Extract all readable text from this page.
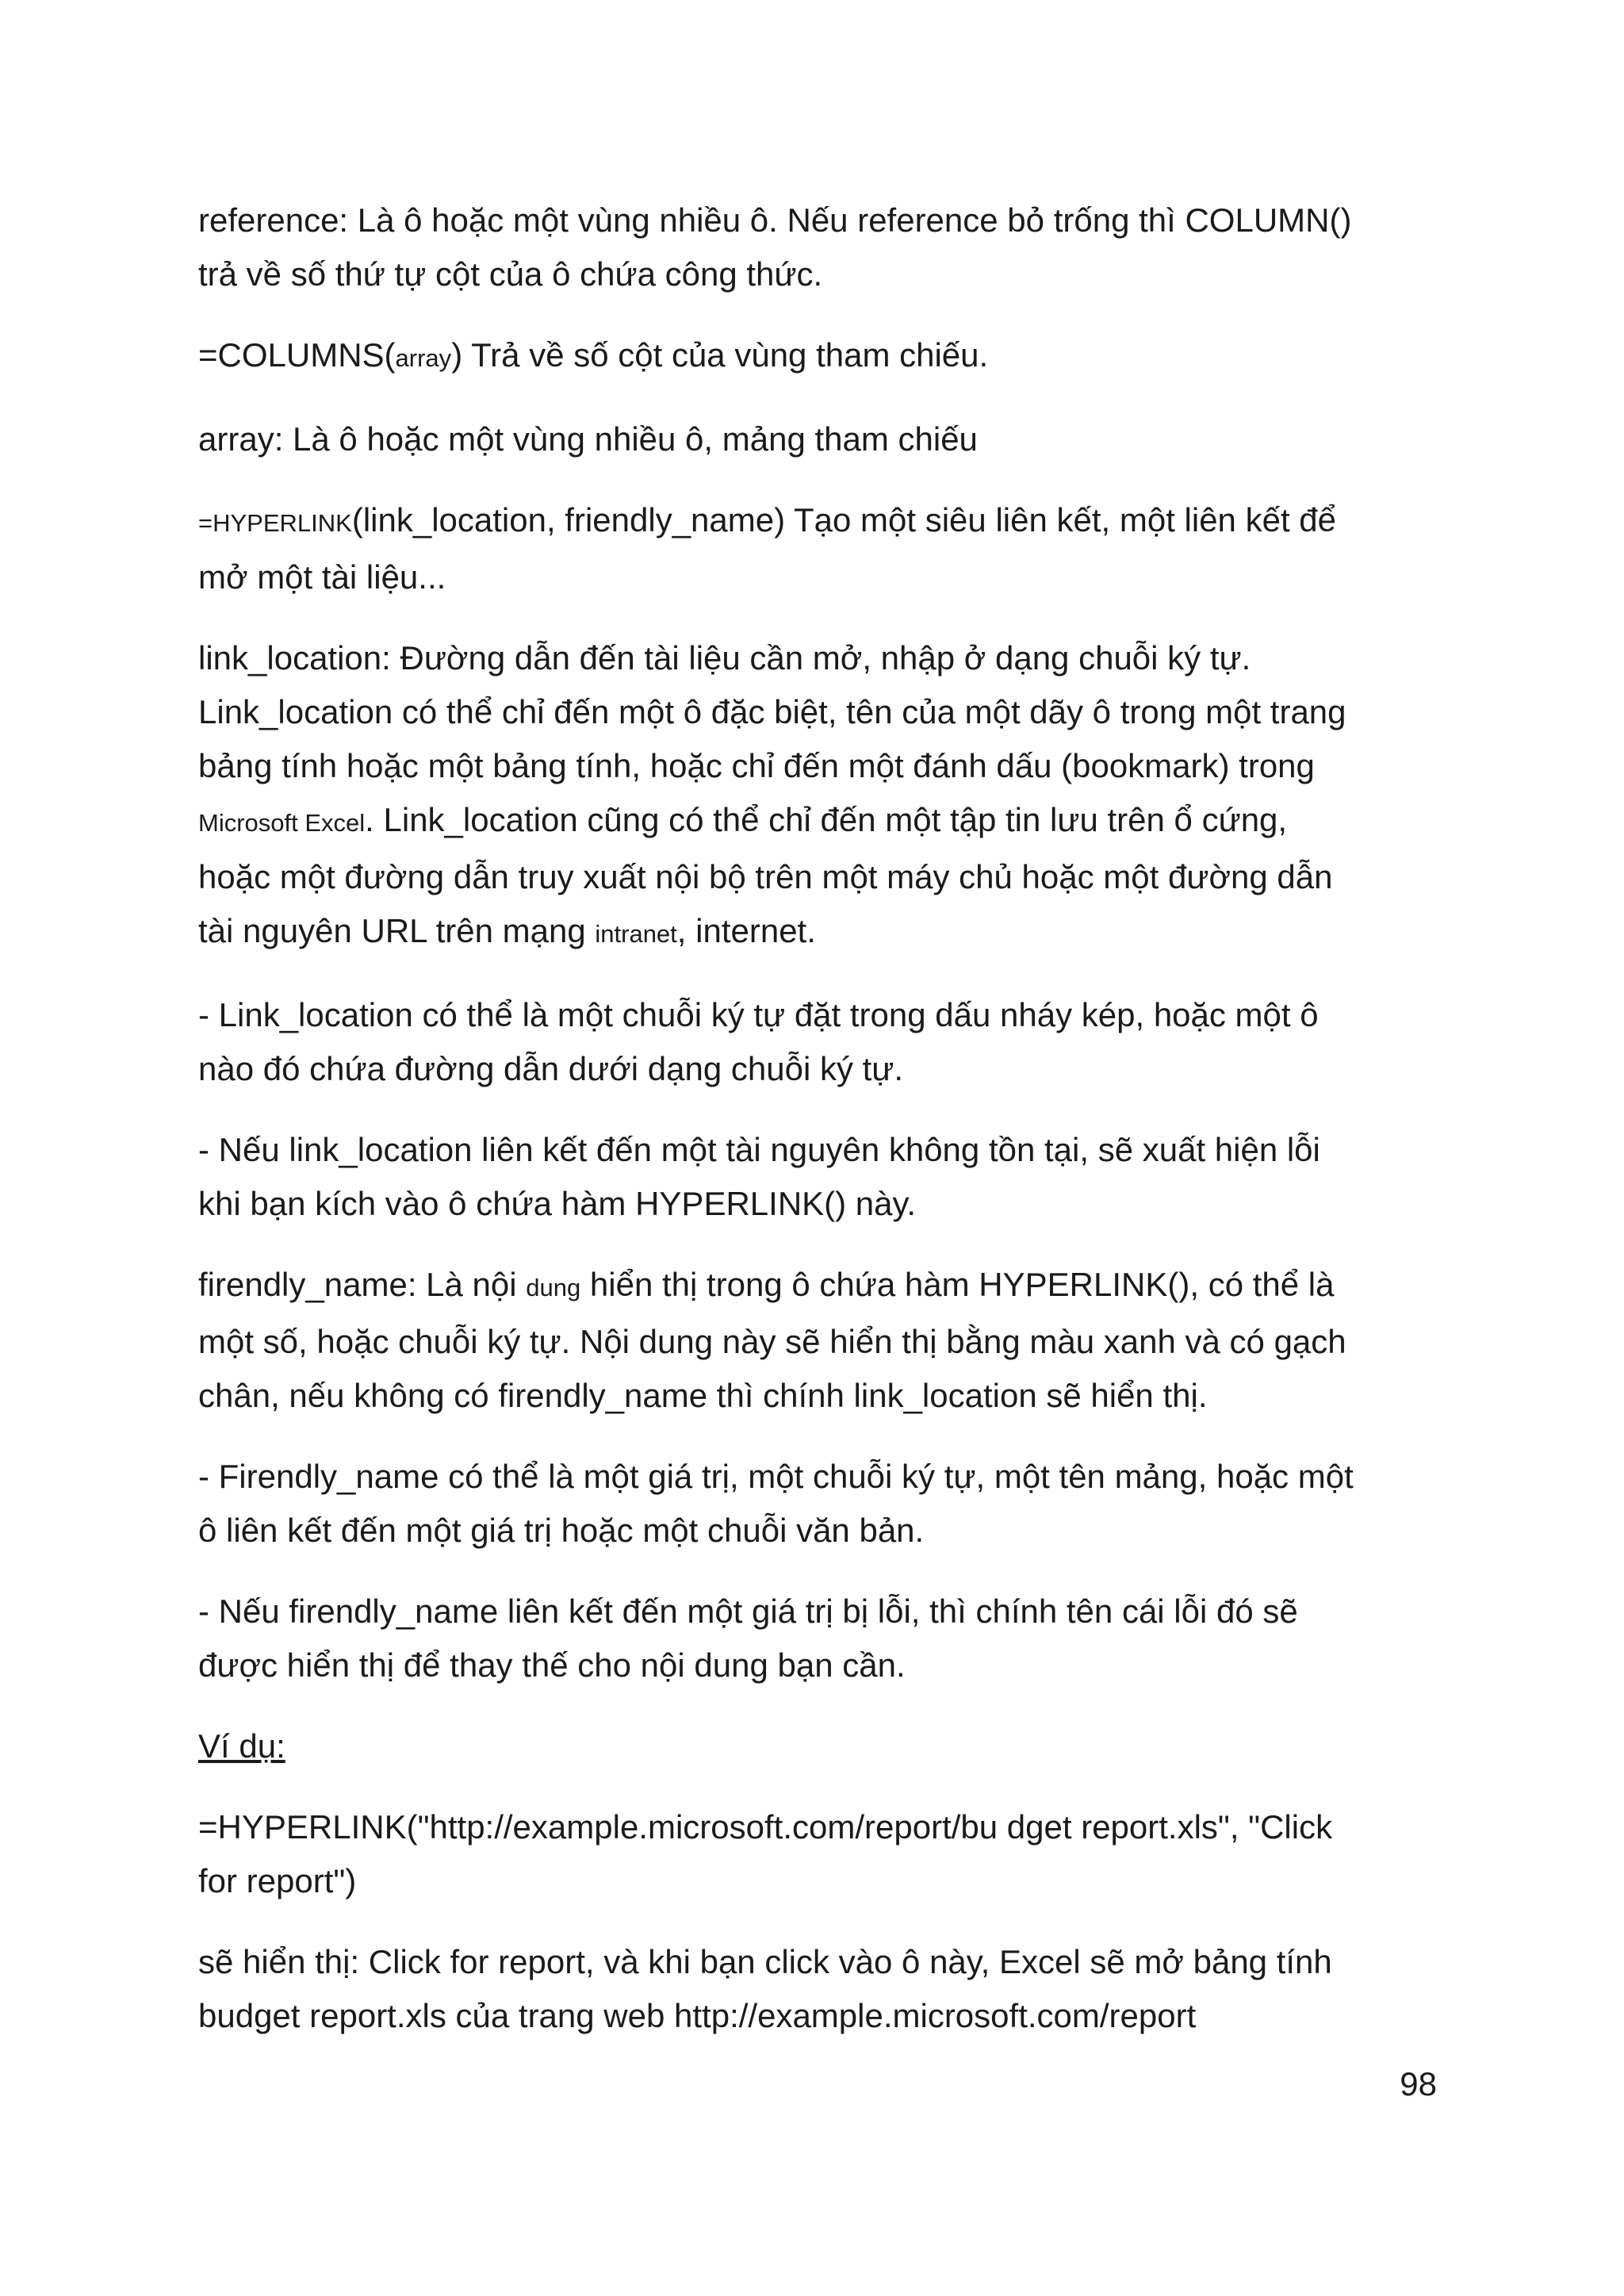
reference: Là ô hoặc một vùng nhiều ô. Nếu reference bỏ trống thì COLUMN()
trả về số thứ tự cột của ô chứa công thức.

=COLUMNS(array) Trả về số cột của vùng tham chiếu.

array: Là ô hoặc một vùng nhiều ô, mảng tham chiếu

=HYPERLINK(link_location, friendly_name) Tạo một siêu liên kết, một liên kết để
mở một tài liệu...

link_location: Đường dẫn đến tài liệu cần mở, nhập ở dạng chuỗi ký tự.
Link_location có thể chỉ đến một ô đặc biệt, tên của một dãy ô trong một trang
bảng tính hoặc một bảng tính, hoặc chỉ đến một đánh dấu (bookmark) trong
Microsoft Excel. Link_location cũng có thể chỉ đến một tập tin lưu trên ổ cứng,
hoặc một đường dẫn truy xuất nội bộ trên một máy chủ hoặc một đường dẫn
tài nguyên URL trên mạng intranet, internet.

- Link_location có thể là một chuỗi ký tự đặt trong dấu nháy kép, hoặc một ô
nào đó chứa đường dẫn dưới dạng chuỗi ký tự.

- Nếu link_location liên kết đến một tài nguyên không tồn tại, sẽ xuất hiện lỗi
khi bạn kích vào ô chứa hàm HYPERLINK() này.

firendly_name: Là nội dung hiển thị trong ô chứa hàm HYPERLINK(), có thể là
một số, hoặc chuỗi ký tự. Nội dung này sẽ hiển thị bằng màu xanh và có gạch
chân, nếu không có firendly_name thì chính link_location sẽ hiển thị.

- Firendly_name có thể là một giá trị, một chuỗi ký tự, một tên mảng, hoặc một
ô liên kết đến một giá trị hoặc một chuỗi văn bản.

- Nếu firendly_name liên kết đến một giá trị bị lỗi, thì chính tên cái lỗi đó sẽ
được hiển thị để thay thế cho nội dung bạn cần.

Ví dụ:

=HYPERLINK("http://example.microsoft.com/report/bu dget report.xls", "Click
for report")

sẽ hiển thị: Click for report, và khi bạn click vào ô này, Excel sẽ mở bảng tính
budget report.xls của trang web http://example.microsoft.com/report

98
